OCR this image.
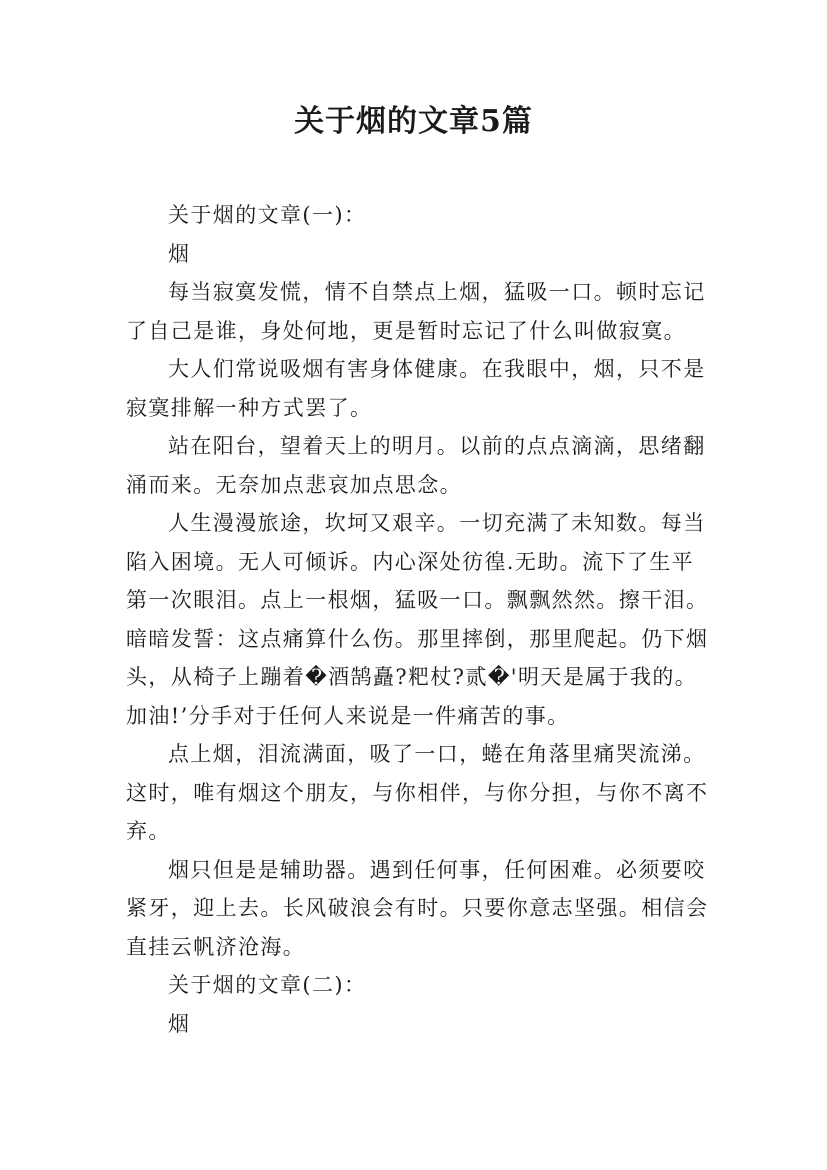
关于烟的文章5篇

关于烟的文章(一)：

烟

每当寂寞发慌，情不自禁点上烟，猛吸一口。顿时忘记了自己是谁，身处何地，更是暂时忘记了什么叫做寂寞。

大人们常说吸烟有害身体健康。在我眼中，烟，只不是寂寞排解一种方式罢了。

站在阳台，望着天上的明月。以前的点点滴滴，思绪翻涌而来。无奈加点悲哀加点思念。

人生漫漫旅途，坎坷又艰辛。一切充满了未知数。每当陷入困境。无人可倾诉。内心深处彷徨.无助。流下了生平第一次眼泪。点上一根烟，猛吸一口。飘飘然然。擦干泪。暗暗发誓：这点痛算什么伤。那里摔倒，那里爬起。仍下烟头，从椅子上蹦着�酒鹄矗?粑杖?贰�'明天是属于我的。加油!’分手对于任何人来说是一件痛苦的事。

点上烟，泪流满面，吸了一口，蜷在角落里痛哭流涕。这时，唯有烟这个朋友，与你相伴，与你分担，与你不离不弃。

烟只但是是辅助器。遇到任何事，任何困难。必须要咬紧牙，迎上去。长风破浪会有时。只要你意志坚强。相信会直挂云帆济沧海。

关于烟的文章(二)：

烟
